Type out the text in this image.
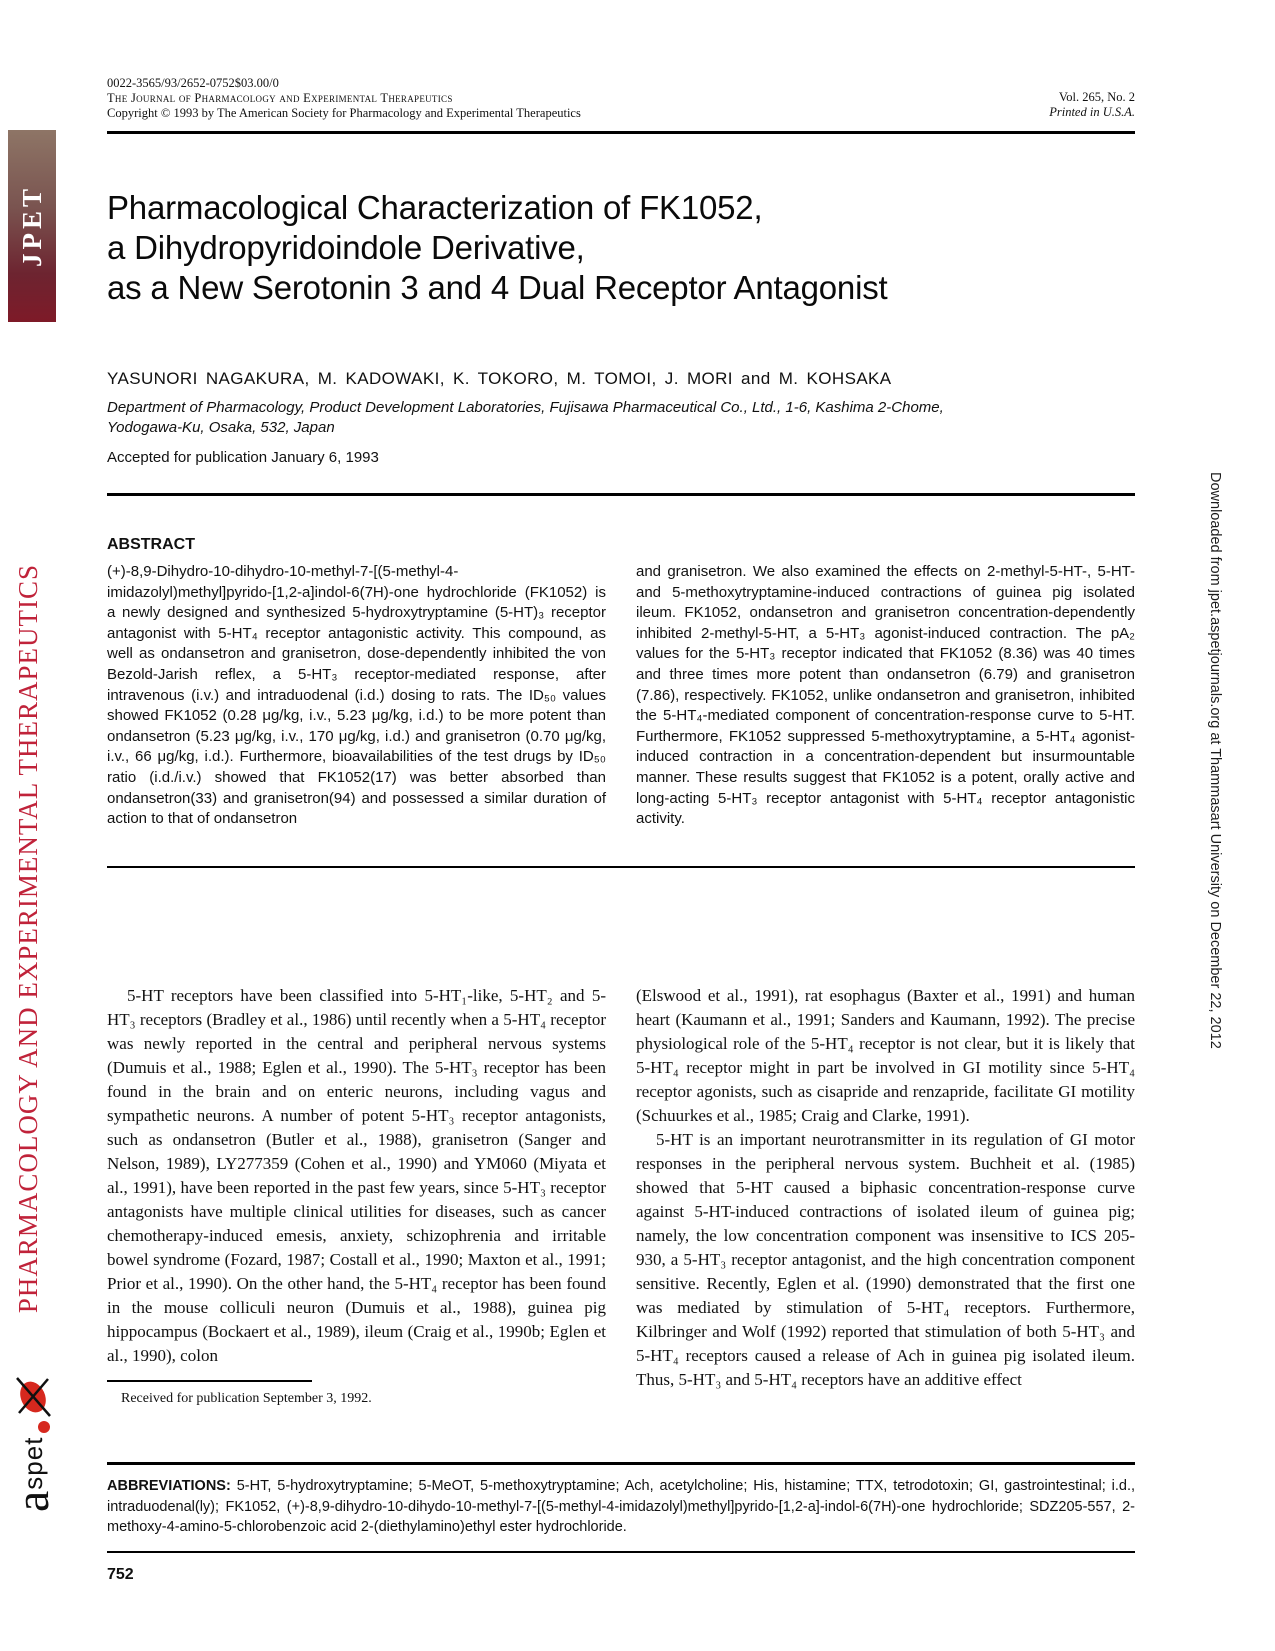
JPET
PHARMACOLOGY AND EXPERIMENTAL THERAPEUTICS
a
spet
Downloaded from jpet.aspetjournals.org at Thammasart University on December 22, 2012
0022-3565/93/2652-0752$03.00/0
The Journal of Pharmacology and Experimental Therapeutics
Copyright © 1993 by The American Society for Pharmacology and Experimental Therapeutics
Vol. 265, No. 2
Printed in U.S.A.
Pharmacological Characterization of FK1052,
a Dihydropyridoindole Derivative,
as a New Serotonin 3 and 4 Dual Receptor Antagonist
YASUNORI NAGAKURA, M. KADOWAKI, K. TOKORO, M. TOMOI, J. MORI and M. KOHSAKA
Department of Pharmacology, Product Development Laboratories, Fujisawa Pharmaceutical Co., Ltd., 1-6, Kashima 2-Chome, Yodogawa-Ku, Osaka, 532, Japan
Accepted for publication January 6, 1993
ABSTRACT
(+)-8,9-Dihydro-10-dihydro-10-methyl-7-[(5-methyl-4-imidazolyl)methyl]pyrido-[1,2-a]indol-6(7H)-one hydrochloride (FK1052) is a newly designed and synthesized 5-hydroxytryptamine (5-HT)₃ receptor antagonist with 5-HT₄ receptor antagonistic activity. This compound, as well as ondansetron and granisetron, dose-dependently inhibited the von Bezold-Jarish reflex, a 5-HT₃ receptor-mediated response, after intravenous (i.v.) and intraduodenal (i.d.) dosing to rats. The ID₅₀ values showed FK1052 (0.28 μg/kg, i.v., 5.23 μg/kg, i.d.) to be more potent than ondansetron (5.23 μg/kg, i.v., 170 μg/kg, i.d.) and granisetron (0.70 μg/kg, i.v., 66 μg/kg, i.d.). Furthermore, bioavailabilities of the test drugs by ID₅₀ ratio (i.d./i.v.) showed that FK1052(17) was better absorbed than ondansetron(33) and granisetron(94) and possessed a similar duration of action to that of ondansetron
and granisetron. We also examined the effects on 2-methyl-5-HT-, 5-HT- and 5-methoxytryptamine-induced contractions of guinea pig isolated ileum. FK1052, ondansetron and granisetron concentration-dependently inhibited 2-methyl-5-HT, a 5-HT₃ agonist-induced contraction. The pA₂ values for the 5-HT₃ receptor indicated that FK1052 (8.36) was 40 times and three times more potent than ondansetron (6.79) and granisetron (7.86), respectively. FK1052, unlike ondansetron and granisetron, inhibited the 5-HT₄-mediated component of concentration-response curve to 5-HT. Furthermore, FK1052 suppressed 5-methoxytryptamine, a 5-HT₄ agonist-induced contraction in a concentration-dependent but insurmountable manner. These results suggest that FK1052 is a potent, orally active and long-acting 5-HT₃ receptor antagonist with 5-HT₄ receptor antagonistic activity.

5-HT receptors have been classified into 5-HT₁-like, 5-HT₂ and 5-HT₃ receptors (Bradley et al., 1986) until recently when a 5-HT₄ receptor was newly reported in the central and peripheral nervous systems (Dumuis et al., 1988; Eglen et al., 1990). The 5-HT₃ receptor has been found in the brain and on enteric neurons, including vagus and sympathetic neurons. A number of potent 5-HT₃ receptor antagonists, such as ondansetron (Butler et al., 1988), granisetron (Sanger and Nelson, 1989), LY277359 (Cohen et al., 1990) and YM060 (Miyata et al., 1991), have been reported in the past few years, since 5-HT₃ receptor antagonists have multiple clinical utilities for diseases, such as cancer chemotherapy-induced emesis, anxiety, schizophrenia and irritable bowel syndrome (Fozard, 1987; Costall et al., 1990; Maxton et al., 1991; Prior et al., 1990). On the other hand, the 5-HT₄ receptor has been found in the mouse colliculi neuron (Dumuis et al., 1988), guinea pig hippocampus (Bockaert et al., 1989), ileum (Craig et al., 1990b; Eglen et al., 1990), colon

Received for publication September 3, 1992.

(Elswood et al., 1991), rat esophagus (Baxter et al., 1991) and human heart (Kaumann et al., 1991; Sanders and Kaumann, 1992). The precise physiological role of the 5-HT₄ receptor is not clear, but it is likely that 5-HT₄ receptor might in part be involved in GI motility since 5-HT₄ receptor agonists, such as cisapride and renzapride, facilitate GI motility (Schuurkes et al., 1985; Craig and Clarke, 1991).

5-HT is an important neurotransmitter in its regulation of GI motor responses in the peripheral nervous system. Buchheit et al. (1985) showed that 5-HT caused a biphasic concentration-response curve against 5-HT-induced contractions of isolated ileum of guinea pig; namely, the low concentration component was insensitive to ICS 205-930, a 5-HT₃ receptor antagonist, and the high concentration component sensitive. Recently, Eglen et al. (1990) demonstrated that the first one was mediated by stimulation of 5-HT₄ receptors. Furthermore, Kilbringer and Wolf (1992) reported that stimulation of both 5-HT₃ and 5-HT₄ receptors caused a release of Ach in guinea pig isolated ileum. Thus, 5-HT₃ and 5-HT₄ receptors have an additive effect

ABBREVIATIONS: 5-HT, 5-hydroxytryptamine; 5-MeOT, 5-methoxytryptamine; Ach, acetylcholine; His, histamine; TTX, tetrodotoxin; GI, gastrointestinal; i.d., intraduodenal(ly); FK1052, (+)-8,9-dihydro-10-dihydo-10-methyl-7-[(5-methyl-4-imidazolyl)methyl]pyrido-[1,2-a]-indol-6(7H)-one hydrochloride; SDZ205-557, 2-methoxy-4-amino-5-chlorobenzoic acid 2-(diethylamino)ethyl ester hydrochloride.
752
